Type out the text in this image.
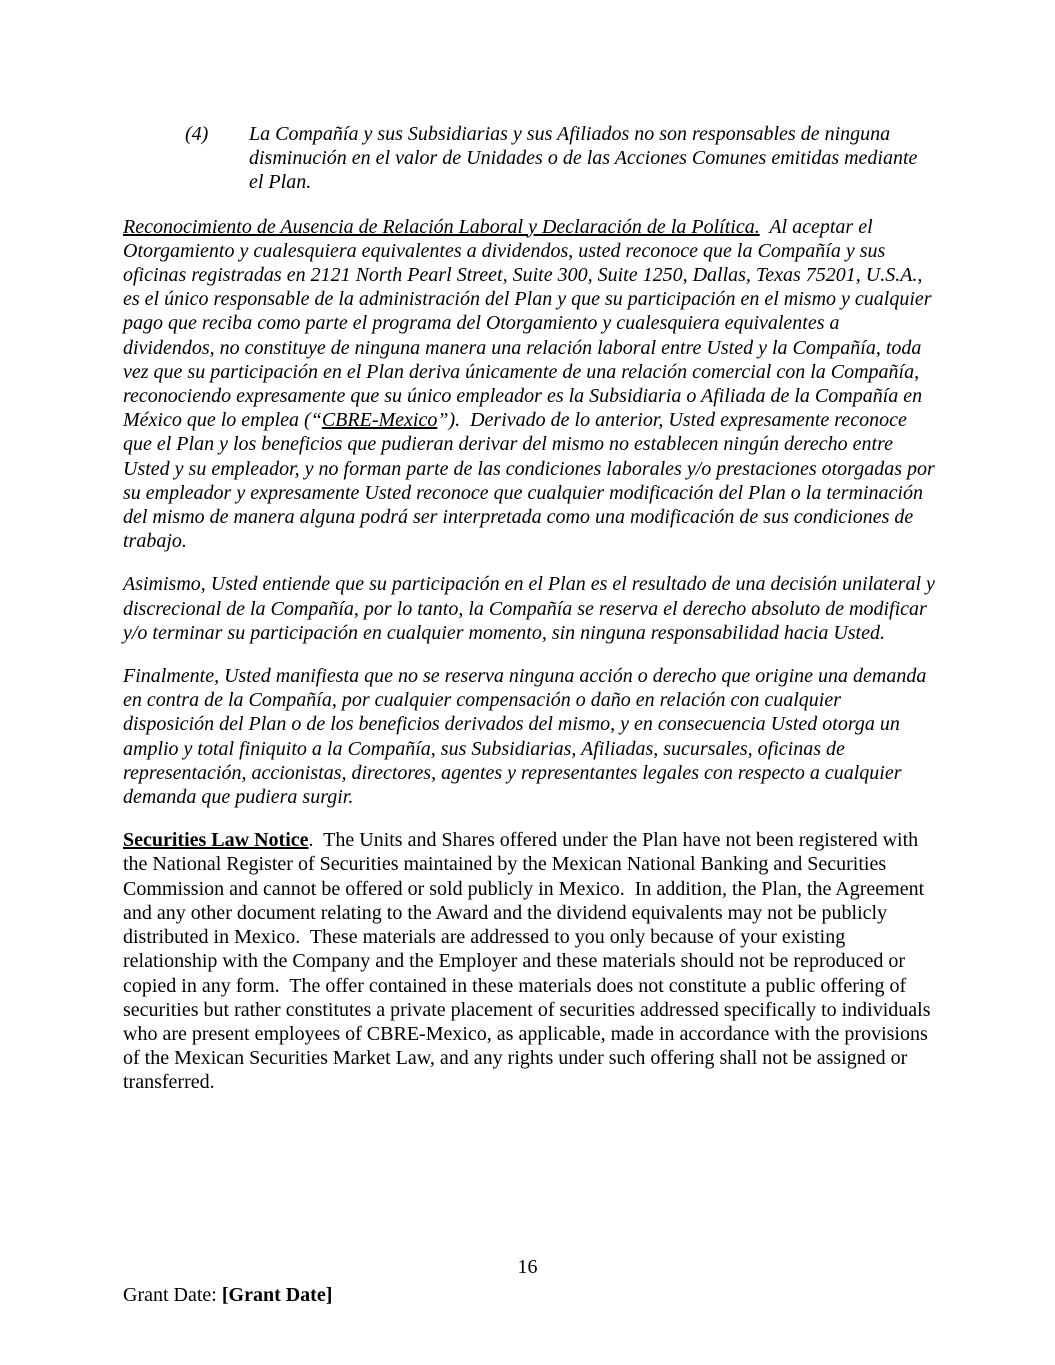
(4)	La Compañía y sus Subsidiarias y sus Afiliados no son responsables de ninguna disminución en el valor de Unidades o de las Acciones Comunes emitidas mediante el Plan.

Reconocimiento de Ausencia de Relación Laboral y Declaración de la Política.  Al aceptar el Otorgamiento y cualesquiera equivalentes a dividendos, usted reconoce que la Compañía y sus oficinas registradas en 2121 North Pearl Street, Suite 300, Suite 1250, Dallas, Texas 75201, U.S.A., es el único responsable de la administración del Plan y que su participación en el mismo y cualquier pago que reciba como parte el programa del Otorgamiento y cualesquiera equivalentes a dividendos, no constituye de ninguna manera una relación laboral entre Usted y la Compañía, toda vez que su participación en el Plan deriva únicamente de una relación comercial con la Compañía, reconociendo expresamente que su único empleador es la Subsidiaria o Afiliada de la Compañía en México que lo emplea (“CBRE-Mexico”).  Derivado de lo anterior, Usted expresamente reconoce que el Plan y los beneficios que pudieran derivar del mismo no establecen ningún derecho entre Usted y su empleador, y no forman parte de las condiciones laborales y/o prestaciones otorgadas por su empleador y expresamente Usted reconoce que cualquier modificación del Plan o la terminación del mismo de manera alguna podrá ser interpretada como una modificación de sus condiciones de trabajo.

Asimismo, Usted entiende que su participación en el Plan es el resultado de una decisión unilateral y discrecional de la Compañía, por lo tanto, la Compañía se reserva el derecho absoluto de modificar y/o terminar su participación en cualquier momento, sin ninguna responsabilidad hacia Usted.

Finalmente, Usted manifiesta que no se reserva ninguna acción o derecho que origine una demanda en contra de la Compañía, por cualquier compensación o daño en relación con cualquier disposición del Plan o de los beneficios derivados del mismo, y en consecuencia Usted otorga un amplio y total finiquito a la Compañía, sus Subsidiarias, Afiliadas, sucursales, oficinas de representación, accionistas, directores, agentes y representantes legales con respecto a cualquier demanda que pudiera surgir.

Securities Law Notice.  The Units and Shares offered under the Plan have not been registered with the National Register of Securities maintained by the Mexican National Banking and Securities Commission and cannot be offered or sold publicly in Mexico.  In addition, the Plan, the Agreement and any other document relating to the Award and the dividend equivalents may not be publicly distributed in Mexico.  These materials are addressed to you only because of your existing relationship with the Company and the Employer and these materials should not be reproduced or copied in any form.  The offer contained in these materials does not constitute a public offering of securities but rather constitutes a private placement of securities addressed specifically to individuals who are present employees of CBRE-Mexico, as applicable, made in accordance with the provisions of the Mexican Securities Market Law, and any rights under such offering shall not be assigned or transferred.

16
Grant Date: [Grant Date]
